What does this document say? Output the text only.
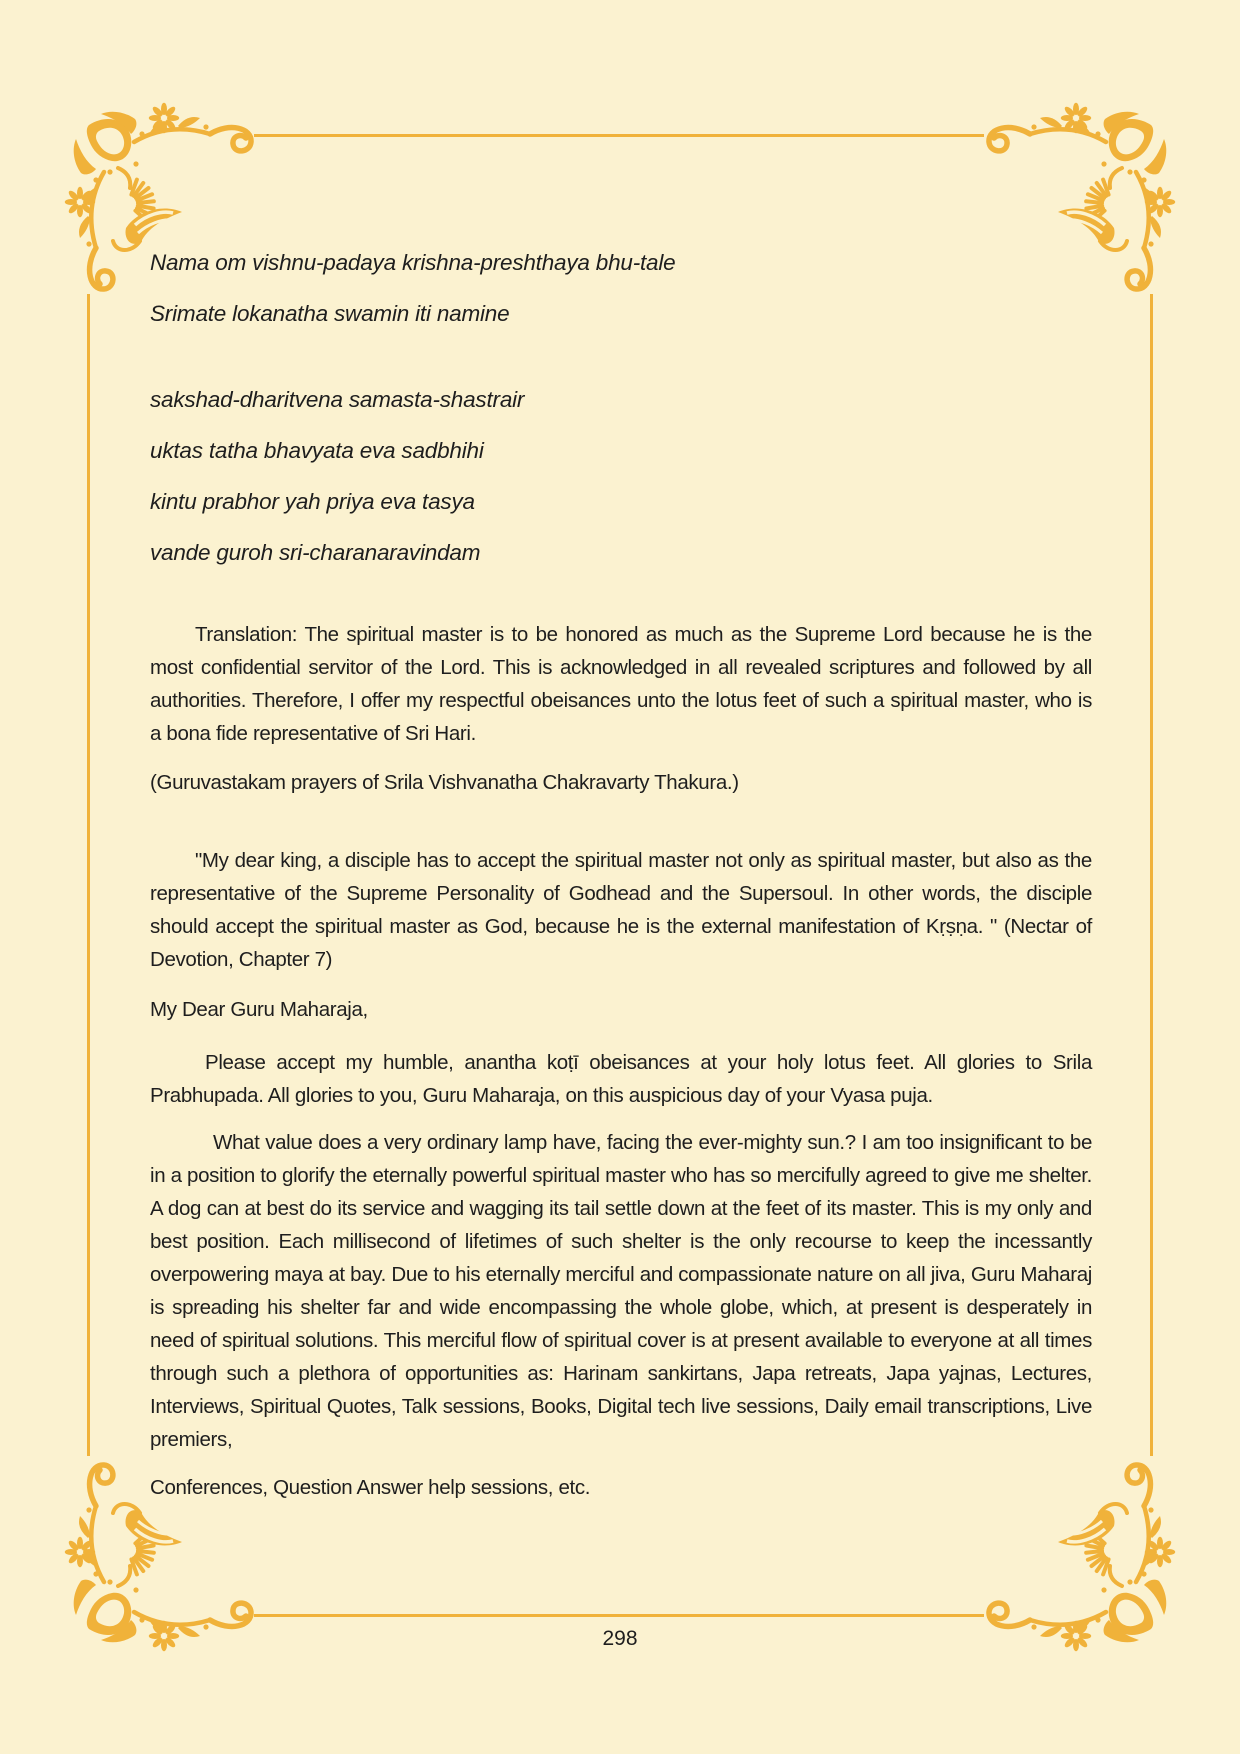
Nama om vishnu-padaya krishna-preshthaya bhu-tale

Srimate lokanatha swamin iti namine

sakshad-dharitvena samasta-shastrair

uktas tatha bhavyata eva sadbhihi

kintu prabhor yah priya eva tasya

vande guroh sri-charanaravindam

Translation: The spiritual master is to be honored as much as the Supreme Lord because he is the most confidential servitor of the Lord. This is acknowledged in all revealed scriptures and followed by all authorities. Therefore, I offer my respectful obeisances unto the lotus feet of such a spiritual master, who is a bona fide representative of Sri Hari.

(Guruvastakam prayers of Srila Vishvanatha Chakravarty Thakura.)

"My dear king, a disciple has to accept the spiritual master not only as spiritual master, but also as the representative of the Supreme Personality of Godhead and the Supersoul. In other words, the disciple should accept the spiritual master as God, because he is the external manifestation of Kṛṣṇa. " (Nectar of Devotion, Chapter 7)

My Dear Guru Maharaja,

Please accept my humble, anantha koṭī obeisances at your holy lotus feet. All glories to Srila Prabhupada. All glories to you, Guru Maharaja, on this auspicious day of your Vyasa puja.

What value does a very ordinary lamp have, facing the ever-mighty sun.? I am too insignificant to be in a position to glorify the eternally powerful spiritual master who has so mercifully agreed to give me shelter. A dog can at best do its service and wagging its tail settle down at the feet of its master. This is my only and best position. Each millisecond of lifetimes of such shelter is the only recourse to keep the incessantly overpowering maya at bay. Due to his eternally merciful and compassionate nature on all jiva, Guru Maharaj is spreading his shelter far and wide encompassing the whole globe, which, at present is desperately in need of spiritual solutions. This merciful flow of spiritual cover is at present available to everyone at all times through such a plethora of opportunities as: Harinam sankirtans, Japa retreats, Japa yajnas, Lectures, Interviews, Spiritual Quotes, Talk sessions, Books, Digital tech live sessions, Daily email transcriptions, Live premiers,

Conferences, Question Answer help sessions, etc.

298
